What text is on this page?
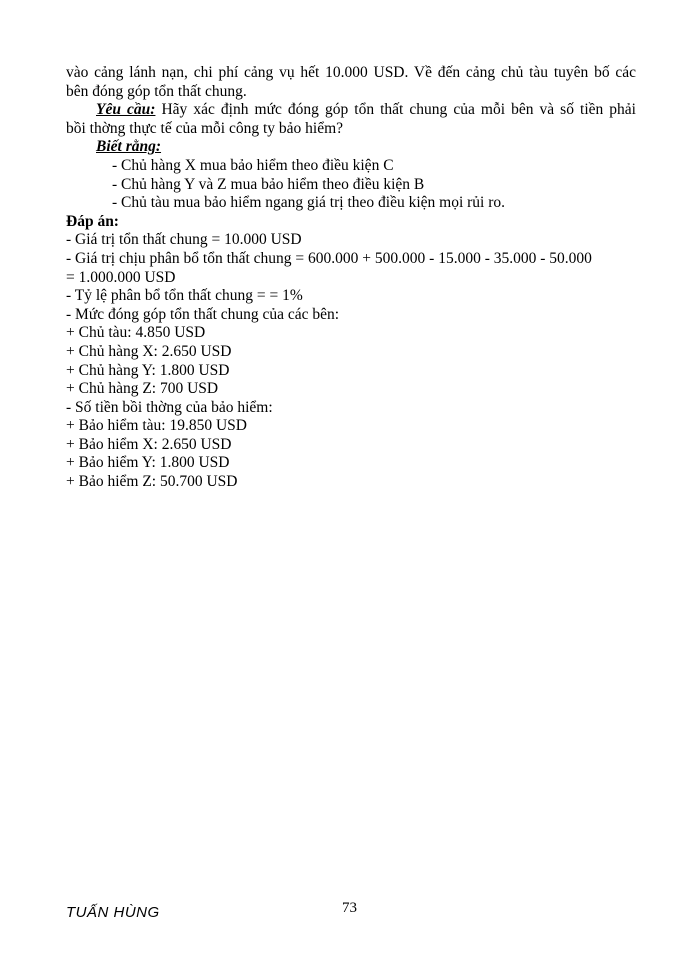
vào cảng lánh nạn, chi phí cảng vụ hết 10.000 USD. Về đến cảng chủ tàu tuyên bố các
bên đóng góp tổn thất chung.
Yêu cầu: Hãy xác định mức đóng góp tổn thất chung của mỗi bên và số tiền phải
bồi thờng thực tế của mỗi công ty bảo hiểm?
Biết rằng:
- Chủ hàng X mua bảo hiểm theo điều kiện C
- Chủ hàng Y và Z mua bảo hiểm theo điều kiện B
- Chủ tàu mua bảo hiểm ngang giá trị theo điều kiện mọi rủi ro.
Đáp án:
- Giá trị tổn thất chung = 10.000 USD
- Giá trị chịu phân bổ tổn thất chung = 600.000 + 500.000 - 15.000 - 35.000 - 50.000
= 1.000.000 USD
- Tỷ lệ phân bổ tổn thất chung = = 1%
- Mức đóng góp tổn thất chung của các bên:
+ Chủ tàu: 4.850 USD
+ Chủ hàng X: 2.650 USD
+ Chủ hàng Y: 1.800 USD
+ Chủ hàng Z: 700 USD
- Số tiền bồi thờng của bảo hiểm:
+ Bảo hiểm tàu: 19.850 USD
+ Bảo hiểm X: 2.650 USD
+ Bảo hiểm Y: 1.800 USD
+ Bảo hiểm Z: 50.700 USD
TUẤN HÙNG	73
